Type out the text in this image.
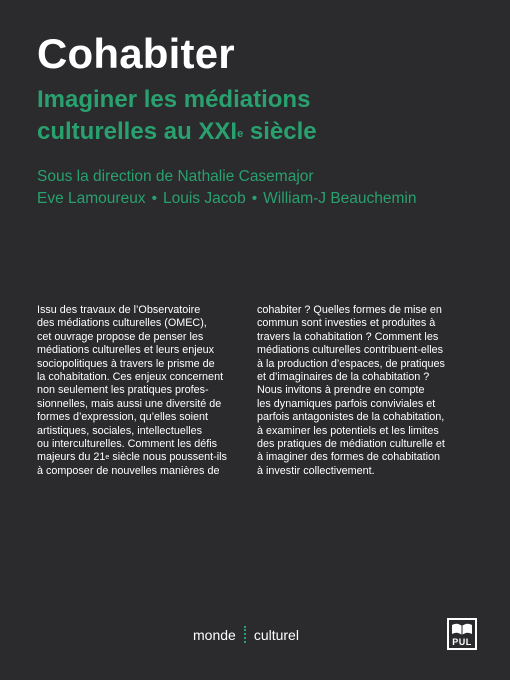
Cohabiter
Imaginer les médiations
culturelles au XXIe siècle
Sous la direction de Nathalie Casemajor
Eve Lamoureux • Louis Jacob • William-J Beauchemin

Issu des travaux de l’Observatoire

des médiations culturelles (OMEC),

cet ouvrage propose de penser les

médiations culturelles et leurs enjeux

sociopolitiques à travers le prisme de

la cohabitation. Ces enjeux concernent

non seulement les pratiques profes-

sionnelles, mais aussi une diversité de

formes d’expression, qu’elles soient

artistiques, sociales, intellectuelles

ou interculturelles. Comment les défis

majeurs du 21e siècle nous poussent-ils

à composer de nouvelles manières de

cohabiter ? Quelles formes de mise en

commun sont investies et produites à

travers la cohabitation ? Comment les

médiations culturelles contribuent-elles

à la production d’espaces, de pratiques

et d’imaginaires de la cohabitation ?

Nous invitons à prendre en compte

les dynamiques parfois conviviales et

parfois antagonistes de la cohabitation,

à examiner les potentiels et les limites

des pratiques de médiation culturelle et

à imaginer des formes de cohabitation

à investir collectivement.

monde culturel	PUL
